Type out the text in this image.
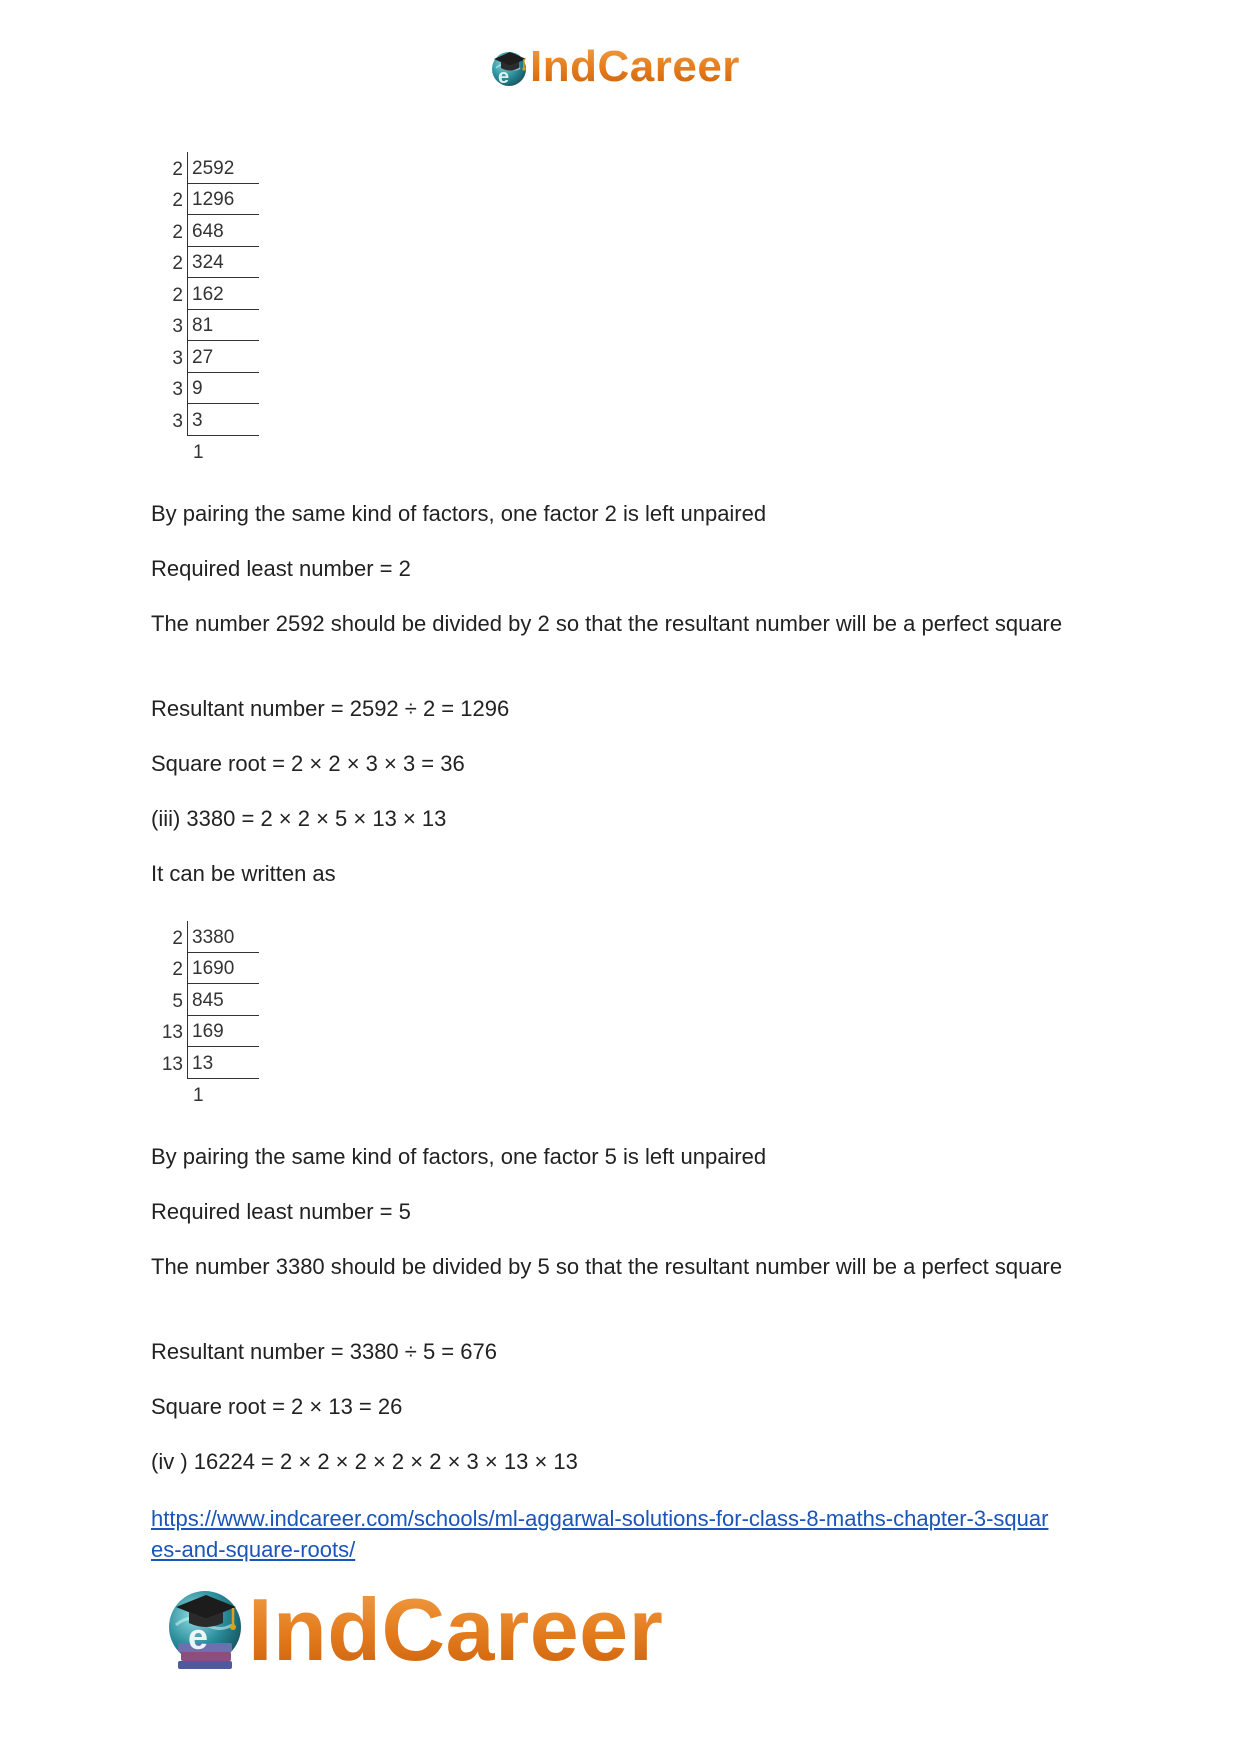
e IndCareer
2 2592
2 1296
2 648
2 324
2 162
3 81
3 27
3 9
3 3
1

By pairing the same kind of factors, one factor 2 is left unpaired

Required least number = 2

The number 2592 should be divided by 2 so that the resultant number will be a perfect square

Resultant number = 2592 ÷ 2 = 1296

Square root = 2 × 2 × 3 × 3 = 36

(iii) 3380 = 2 × 2 × 5 × 13 × 13

It can be written as

2 3380
2 1690
5 845
13 169
13 13
1

By pairing the same kind of factors, one factor 5 is left unpaired

Required least number = 5

The number 3380 should be divided by 5 so that the resultant number will be a perfect square

Resultant number = 3380 ÷ 5 = 676

Square root = 2 × 13 = 26

(iv ) 16224 = 2 × 2 × 2 × 2 × 2 × 3 × 13 × 13

https://www.indcareer.com/schools/ml-aggarwal-solutions-for-class-8-maths-chapter-3-squar
es-and-square-roots/

e IndCareer
